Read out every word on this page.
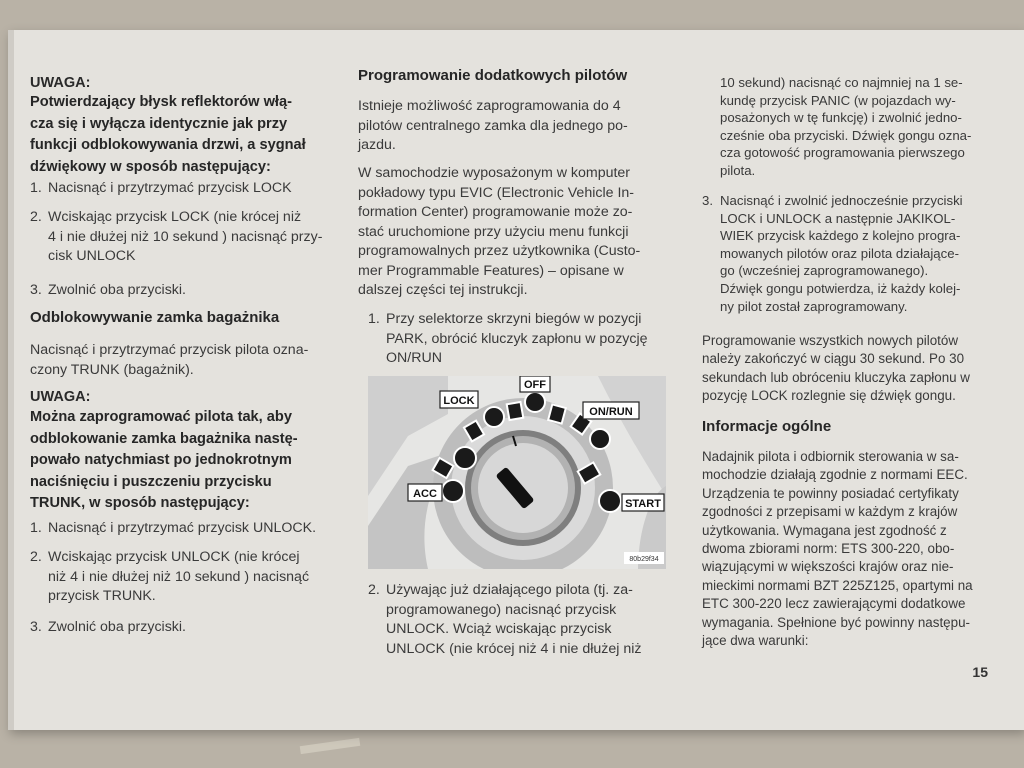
UWAGA:
Potwierdzający błysk reflektorów włą-
cza się i wyłącza identycznie jak przy
funkcji odblokowywania drzwi, a sygnał
dźwiękowy w sposób następujący:
1. Nacisnąć i przytrzymać przycisk LOCK
2. Wciskając przycisk LOCK (nie krócej niż
4 i nie dłużej niż 10 sekund ) nacisnąć przy-
cisk UNLOCK
3. Zwolnić oba przyciski.
Odblokowywanie zamka bagażnika
Nacisnąć i przytrzymać przycisk pilota ozna-
czony TRUNK (bagażnik).
UWAGA:
Można zaprogramować pilota tak, aby
odblokowanie zamka bagażnika nastę-
powało natychmiast po jednokrotnym
naciśnięciu i puszczeniu przycisku
TRUNK, w sposób następujący:
1. Nacisnąć i przytrzymać przycisk UNLOCK.
2. Wciskając przycisk UNLOCK (nie krócej
niż 4 i nie dłużej niż 10 sekund ) nacisnąć
przycisk TRUNK.
3. Zwolnić oba przyciski.
Programowanie dodatkowych pilotów
Istnieje możliwość zaprogramowania do 4
pilotów centralnego zamka dla jednego po-
jazdu.
W samochodzie wyposażonym w komputer
pokładowy typu EVIC (Electronic Vehicle In-
formation Center) programowanie może zo-
stać uruchomione przy użyciu menu funkcji
programowalnych przez użytkownika (Custo-
mer Programmable Features) – opisane w
dalszej części tej instrukcji.
1. Przy selektorze skrzyni biegów w pozycji
PARK, obrócić kluczyk zapłonu w pozycję
ON/RUN
LOCK
OFF
ON/RUN
ACC
START
80b29f34
2. Używając już działającego pilota (tj. za-
programowanego) nacisnąć przycisk
UNLOCK. Wciąż wciskając przycisk
UNLOCK (nie krócej niż 4 i nie dłużej niż
10 sekund) nacisnąć co najmniej na 1 se-
kundę przycisk PANIC (w pojazdach wy-
posażonych w tę funkcję) i zwolnić jedno-
cześnie oba przyciski. Dźwięk gongu ozna-
cza gotowość programowania pierwszego
pilota.
3. Nacisnąć i zwolnić jednocześnie przyciski
LOCK i UNLOCK a następnie JAKIKOL-
WIEK przycisk każdego z kolejno progra-
mowanych pilotów oraz pilota działające-
go (wcześniej zaprogramowanego).
Dźwięk gongu potwierdza, iż każdy kolej-
ny pilot został zaprogramowany.
Programowanie wszystkich nowych pilotów
należy zakończyć w ciągu 30 sekund. Po 30
sekundach lub obróceniu kluczyka zapłonu w
pozycję LOCK rozlegnie się dźwięk gongu.
Informacje ogólne
Nadajnik pilota i odbiornik sterowania w sa-
mochodzie działają zgodnie z normami EEC.
Urządzenia te powinny posiadać certyfikaty
zgodności z przepisami w każdym z krajów
użytkowania. Wymagana jest zgodność z
dwoma zbiorami norm: ETS 300-220, obo-
wiązującymi w większości krajów oraz nie-
mieckimi normami BZT 225Z125, opartymi na
ETC 300-220 lecz zawierającymi dodatkowe
wymagania. Spełnione być powinny następu-
jące dwa warunki:
15
